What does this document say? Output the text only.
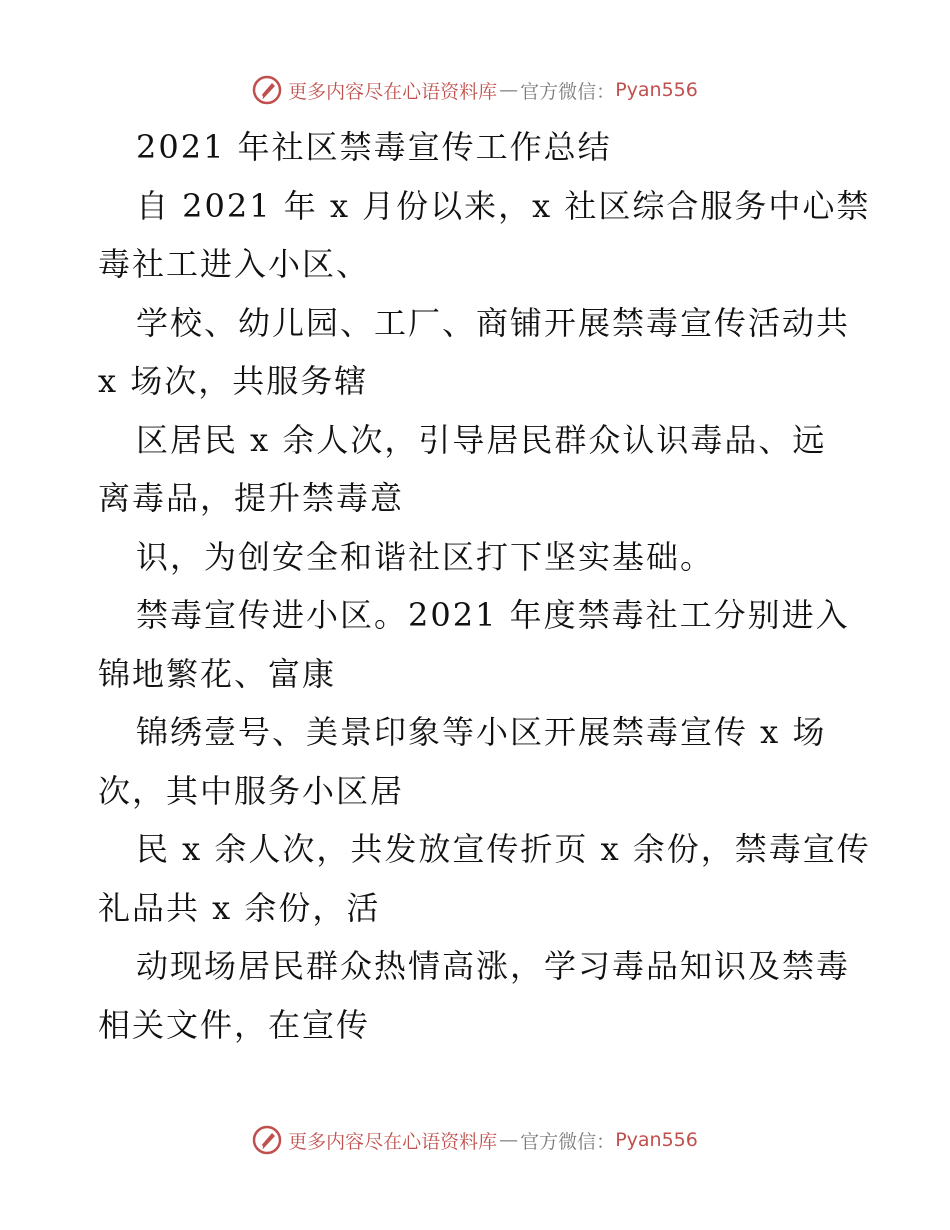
更多内容尽在心语资料库 — 官方微信： Pyan556
2021 年社区禁毒宣传工作总结
自 2021 年 x 月份以来，x 社区综合服务中心禁
毒社工进入小区、
学校、幼儿园、工厂、商铺开展禁毒宣传活动共
x 场次，共服务辖
区居民 x 余人次，引导居民群众认识毒品、远
离毒品，提升禁毒意
识，为创安全和谐社区打下坚实基础。
禁毒宣传进小区。2021 年度禁毒社工分别进入
锦地繁花、富康
锦绣壹号、美景印象等小区开展禁毒宣传 x 场
次，其中服务小区居
民 x 余人次，共发放宣传折页 x 余份，禁毒宣传
礼品共 x 余份，活
动现场居民群众热情高涨，学习毒品知识及禁毒
相关文件，在宣传
更多内容尽在心语资料库 — 官方微信： Pyan556
